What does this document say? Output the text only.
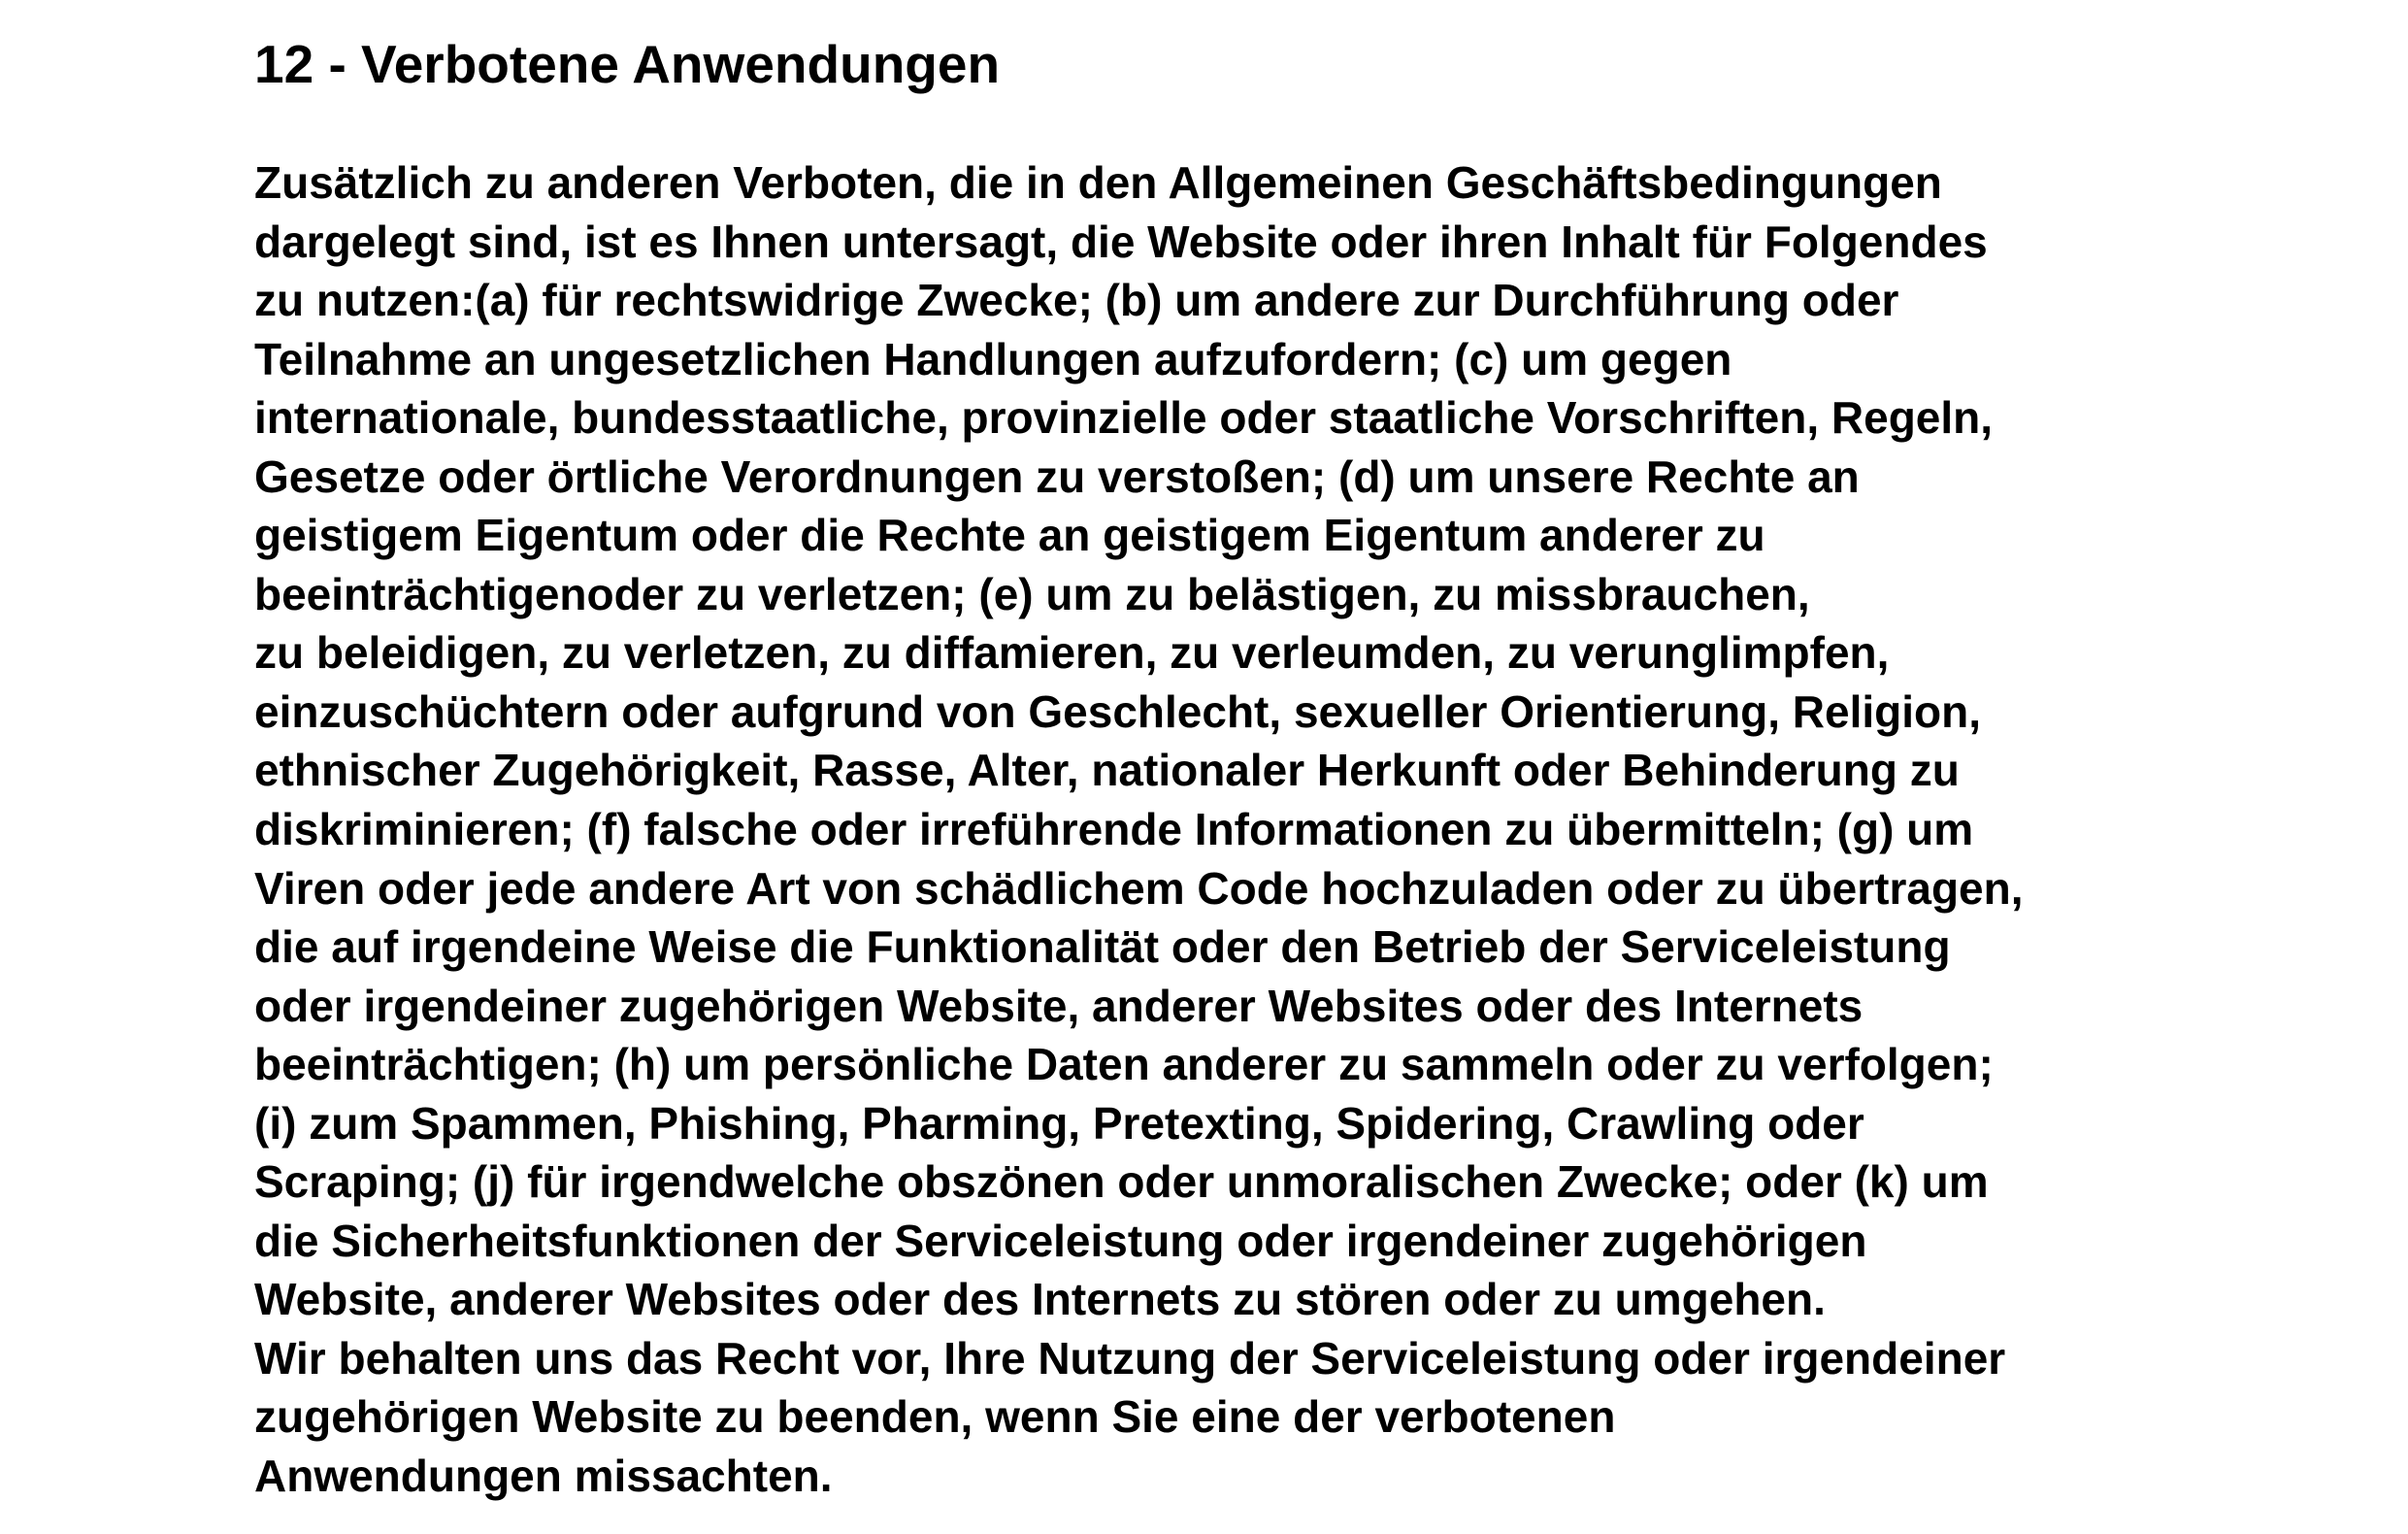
12 - Verbotene Anwendungen
Zusätzlich zu anderen Verboten, die in den Allgemeinen Geschäftsbedingungen
dargelegt sind, ist es Ihnen untersagt, die Website oder ihren Inhalt für Folgendes
zu nutzen:(a) für rechtswidrige Zwecke; (b) um andere zur Durchführung oder
Teilnahme an ungesetzlichen Handlungen aufzufordern; (c) um gegen
internationale, bundesstaatliche, provinzielle oder staatliche Vorschriften, Regeln,
Gesetze oder örtliche Verordnungen zu verstoßen; (d) um unsere Rechte an
geistigem Eigentum oder die Rechte an geistigem Eigentum anderer zu
beeinträchtigenoder zu verletzen; (e) um zu belästigen, zu missbrauchen,
zu beleidigen, zu verletzen, zu diffamieren, zu verleumden, zu verunglimpfen,
einzuschüchtern oder aufgrund von Geschlecht, sexueller Orientierung, Religion,
ethnischer Zugehörigkeit, Rasse, Alter, nationaler Herkunft oder Behinderung zu
diskriminieren; (f) falsche oder irreführende Informationen zu übermitteln; (g) um
Viren oder jede andere Art von schädlichem Code hochzuladen oder zu übertragen,
die auf irgendeine Weise die Funktionalität oder den Betrieb der Serviceleistung
oder irgendeiner zugehörigen Website, anderer Websites oder des Internets
beeinträchtigen; (h) um persönliche Daten anderer zu sammeln oder zu verfolgen;
(i) zum Spammen, Phishing, Pharming, Pretexting, Spidering, Crawling oder
Scraping; (j) für irgendwelche obszönen oder unmoralischen Zwecke; oder (k) um
die Sicherheitsfunktionen der Serviceleistung oder irgendeiner zugehörigen
Website, anderer Websites oder des Internets zu stören oder zu umgehen.
Wir behalten uns das Recht vor, Ihre Nutzung der Serviceleistung oder irgendeiner
zugehörigen Website zu beenden, wenn Sie eine der verbotenen
Anwendungen missachten.
